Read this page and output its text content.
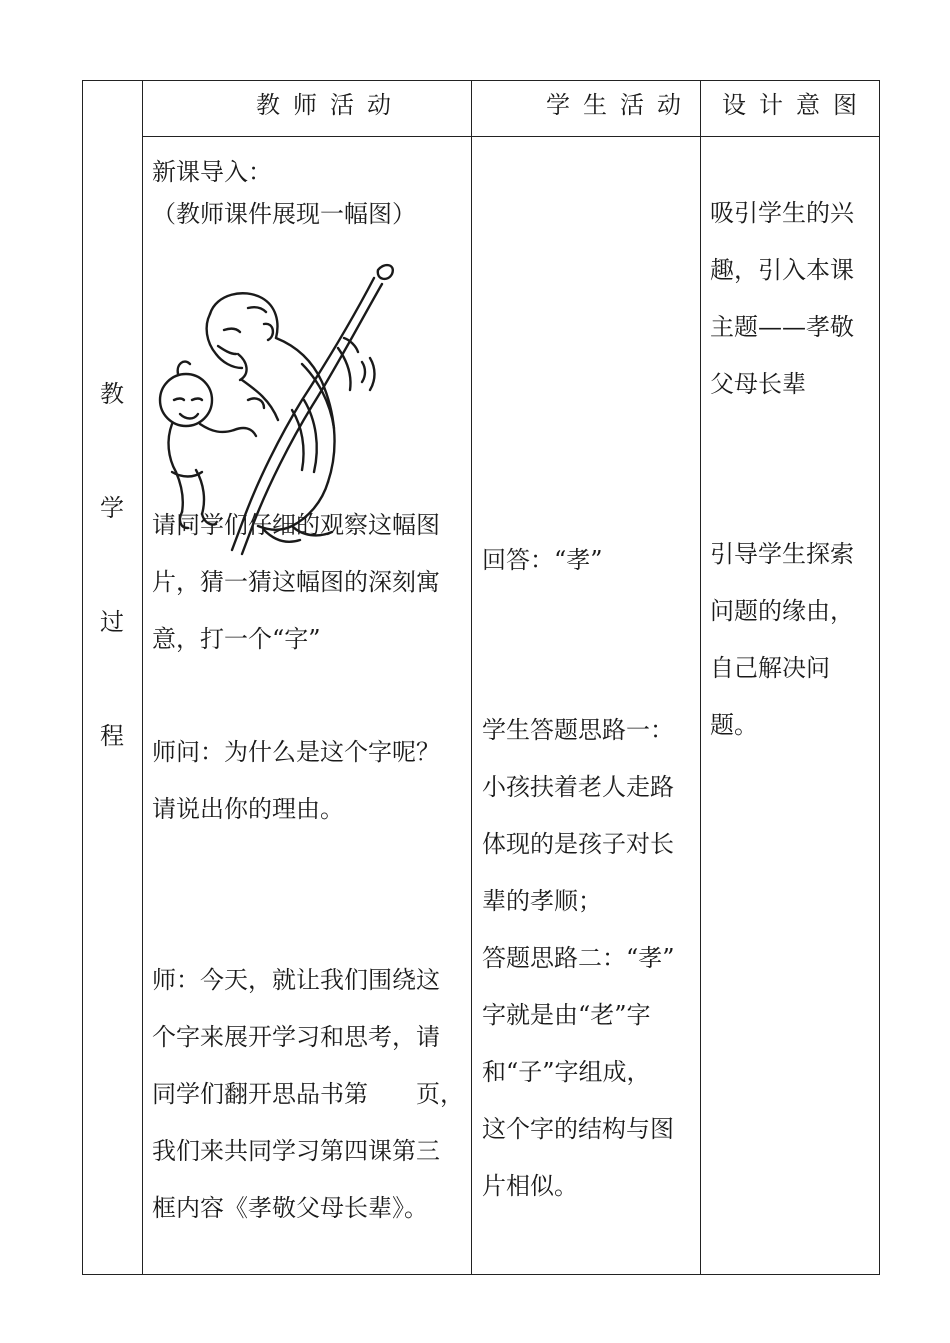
教师活动	学生活动 设计意图
教
学
过
程
新课导入：
（教师课件展现一幅图）
请同学们仔细的观察这幅图
片，猜一猜这幅图的深刻寓
意，打一个“字”
师问：为什么是这个字呢？
请说出你的理由。
师：今天，就让我们围绕这
个字来展开学习和思考，请
同学们翻开思品书第　　页，
我们来共同学习第四课第三
框内容《孝敬父母长辈》。
回答：“孝”
学生答题思路一：
小孩扶着老人走路
体现的是孩子对长
辈的孝顺；
答题思路二：“孝”
字就是由“老”字
和“子”字组成，
这个字的结构与图
片相似。
吸引学生的兴
趣，引入本课
主题——孝敬
父母长辈
引导学生探索
问题的缘由，
自己解决问
题。
